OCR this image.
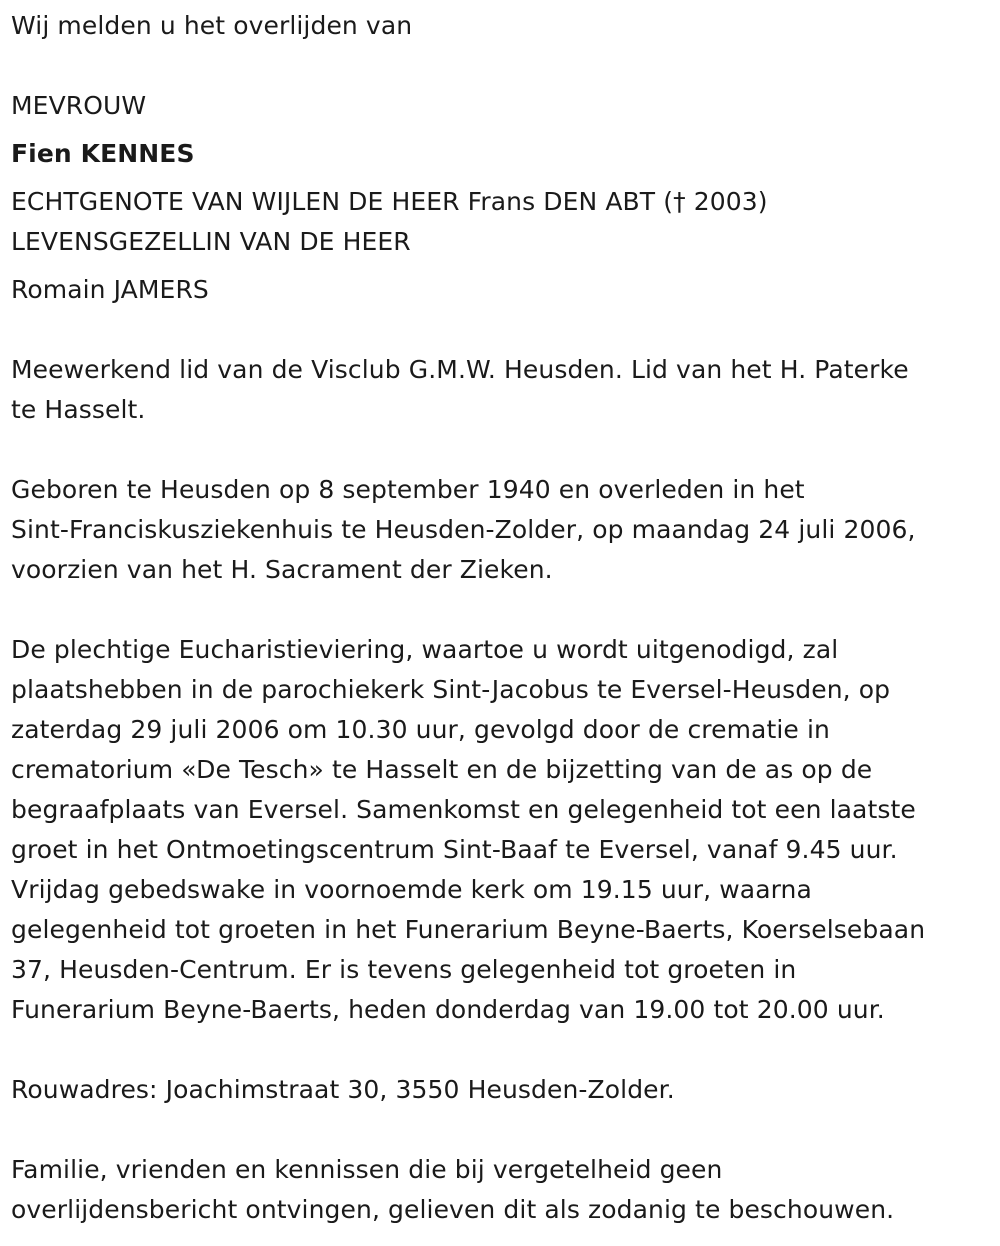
Wij melden u het overlijden van
MEVROUW
Fien KENNES
ECHTGENOTE VAN WIJLEN DE HEER Frans DEN ABT († 2003)
LEVENSGEZELLIN VAN DE HEER
Romain JAMERS
Meewerkend lid van de Visclub G.M.W. Heusden. Lid van het H. Paterke
te Hasselt.
Geboren te Heusden op 8 september 1940 en overleden in het
Sint-Franciskusziekenhuis te Heusden-Zolder, op maandag 24 juli 2006,
voorzien van het H. Sacrament der Zieken.
De plechtige Eucharistieviering, waartoe u wordt uitgenodigd, zal
plaatshebben in de parochiekerk Sint-Jacobus te Eversel-Heusden, op
zaterdag 29 juli 2006 om 10.30 uur, gevolgd door de crematie in
crematorium «De Tesch» te Hasselt en de bijzetting van de as op de
begraafplaats van Eversel. Samenkomst en gelegenheid tot een laatste
groet in het Ontmoetingscentrum Sint-Baaf te Eversel, vanaf 9.45 uur.
Vrijdag gebedswake in voornoemde kerk om 19.15 uur, waarna
gelegenheid tot groeten in het Funerarium Beyne-Baerts, Koerselsebaan
37, Heusden-Centrum. Er is tevens gelegenheid tot groeten in
Funerarium Beyne-Baerts, heden donderdag van 19.00 tot 20.00 uur.
Rouwadres: Joachimstraat 30, 3550 Heusden-Zolder.
Familie, vrienden en kennissen die bij vergetelheid geen
overlijdensbericht ontvingen, gelieven dit als zodanig te beschouwen.
